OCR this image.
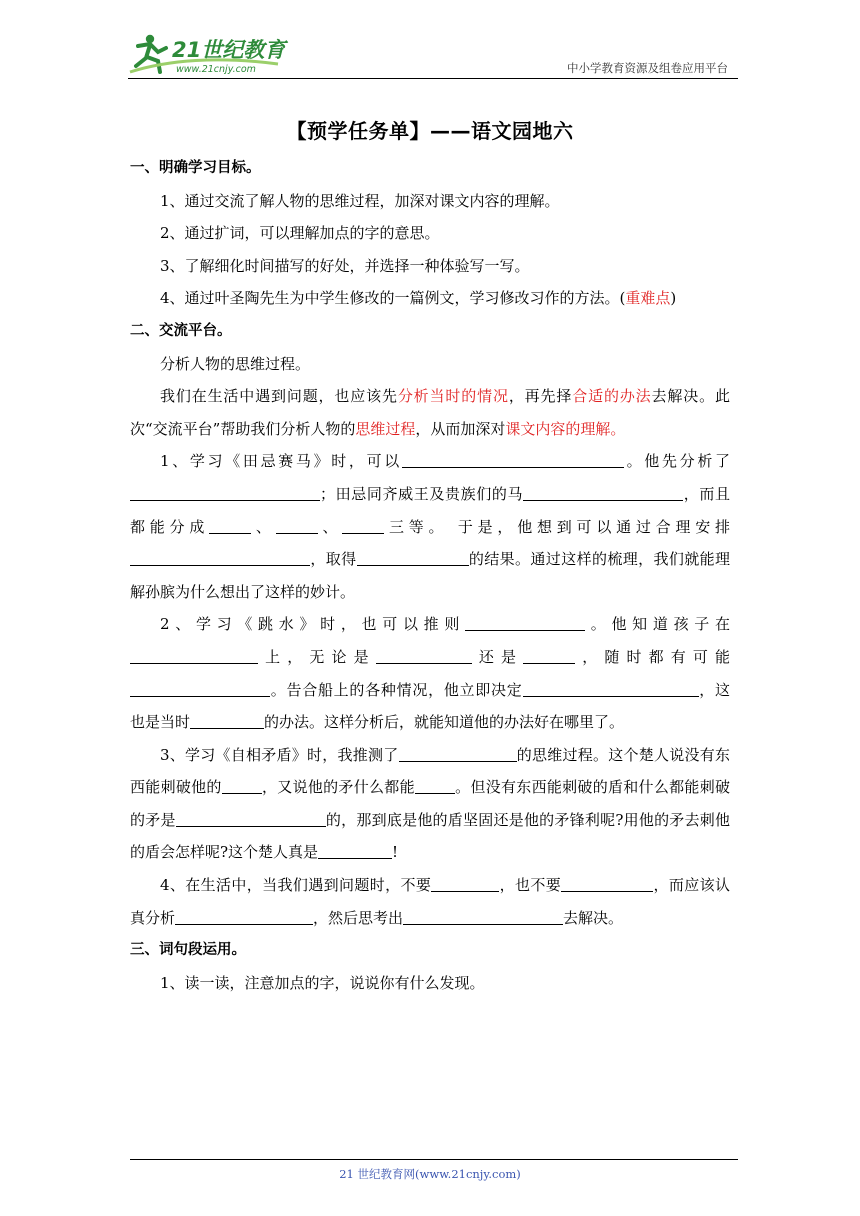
21世纪教育
www.21cnjy.com	中小学教育资源及组卷应用平台
【预学任务单】——语文园地六

一、明确学习目标。

1、通过交流了解人物的思维过程，加深对课文内容的理解。

2、通过扩词，可以理解加点的字的意思。

3、了解细化时间描写的好处，并选择一种体验写一写。

4、通过叶圣陶先生为中学生修改的一篇例文，学习修改习作的方法。(重难点)

二、交流平台。

分析人物的思维过程。

我们在生活中遇到问题，也应该先分析当时的情况，再先择合适的办法去解决。此次“交流平台”帮助我们分析人物的思维过程，从而加深对课文内容的理解。

1、学习《田忌赛马》时，可以	。他先分析了；田忌同齐威王及贵族们的马	，而且都能分成	、	、	三等。 于是，他想到可以通过合理安排，取得	的结果。通过这样的梳理，我们就能理解孙膑为什么想出了这样的妙计。

2、学习《跳水》时，也可以推则	。他知道孩子在上，无论是	还是	，随时都有可能。告合船上的各种情况，他立即决定	，这也是当时	的办法。这样分析后，就能知道他的办法好在哪里了。

3、学习《自相矛盾》时，我推测了	的思维过程。这个楚人说没有东西能刺破他的	，又说他的矛什么都能	。但没有东西能刺破的盾和什么都能刺破的矛是	的，那到底是他的盾坚固还是他的矛锋利呢?用他的矛去刺他的盾会怎样呢?这个楚人真是	!

4、在生活中，当我们遇到问题时，不要	，也不要	，而应该认真分析	，然后思考出	去解决。

三、词句段运用。

1、读一读，注意加点的字，说说你有什么发现。

21 世纪教育网(www.21cnjy.com)
